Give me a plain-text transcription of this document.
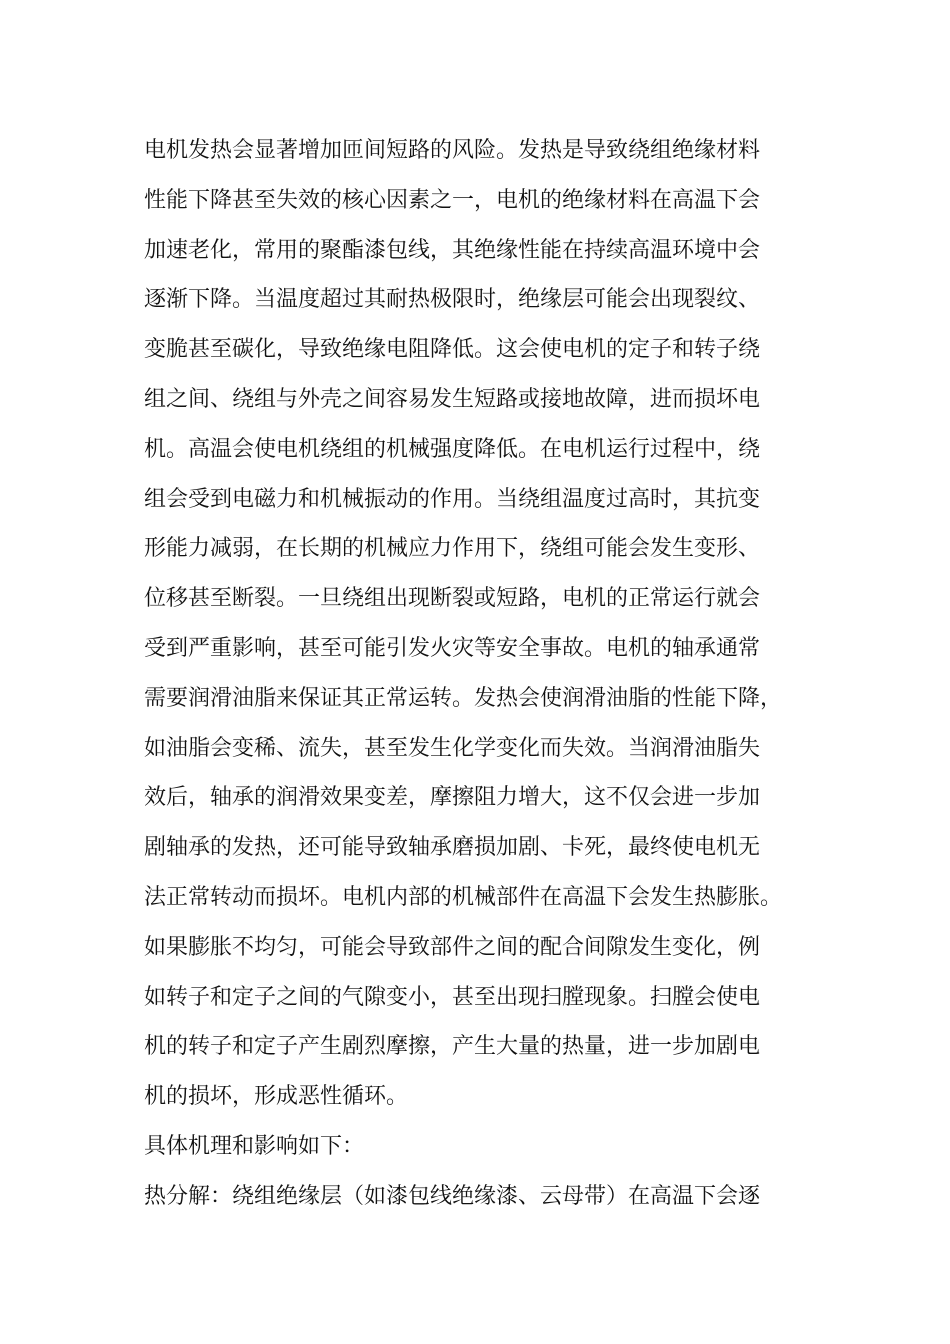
电机发热会显著增加匝间短路的风险。发热是导致绕组绝缘材料
性能下降甚至失效的核心因素之一，电机的绝缘材料在高温下会
加速老化，常用的聚酯漆包线，其绝缘性能在持续高温环境中会
逐渐下降。当温度超过其耐热极限时，绝缘层可能会出现裂纹、
变脆甚至碳化，导致绝缘电阻降低。这会使电机的定子和转子绕
组之间、绕组与外壳之间容易发生短路或接地故障，进而损坏电
机。高温会使电机绕组的机械强度降低。在电机运行过程中，绕
组会受到电磁力和机械振动的作用。当绕组温度过高时，其抗变
形能力减弱，在长期的机械应力作用下，绕组可能会发生变形、
位移甚至断裂。一旦绕组出现断裂或短路，电机的正常运行就会
受到严重影响，甚至可能引发火灾等安全事故。电机的轴承通常
需要润滑油脂来保证其正常运转。发热会使润滑油脂的性能下降，
如油脂会变稀、流失，甚至发生化学变化而失效。当润滑油脂失
效后，轴承的润滑效果变差，摩擦阻力增大，这不仅会进一步加
剧轴承的发热，还可能导致轴承磨损加剧、卡死，最终使电机无
法正常转动而损坏。电机内部的机械部件在高温下会发生热膨胀。
如果膨胀不均匀，可能会导致部件之间的配合间隙发生变化，例
如转子和定子之间的气隙变小，甚至出现扫膛现象。扫膛会使电
机的转子和定子产生剧烈摩擦，产生大量的热量，进一步加剧电
机的损坏，形成恶性循环。

具体机理和影响如下：

热分解：绕组绝缘层（如漆包线绝缘漆、云母带）在高温下会逐
